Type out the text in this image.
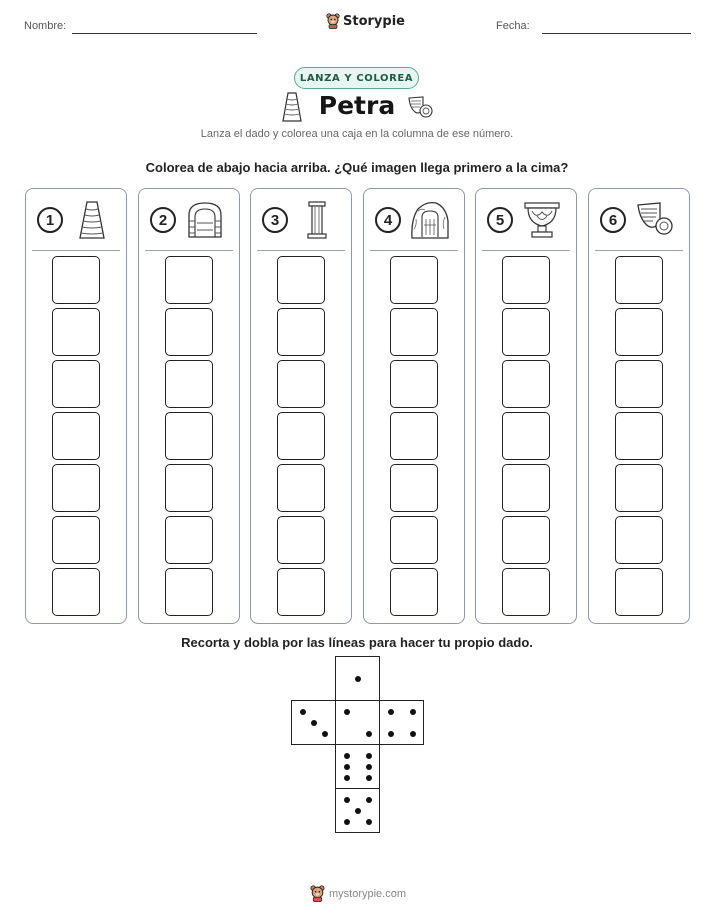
Nombre:	Storypie	Fecha:
LANZA Y COLOREA
Petra
Lanza el dado y colorea una caja en la columna de ese número.
Colorea de abajo hacia arriba. ¿Qué imagen llega primero a la cima?
1	2	3	4	5	6
Recorta y dobla por las líneas para hacer tu propio dado.
mystorypie.com
